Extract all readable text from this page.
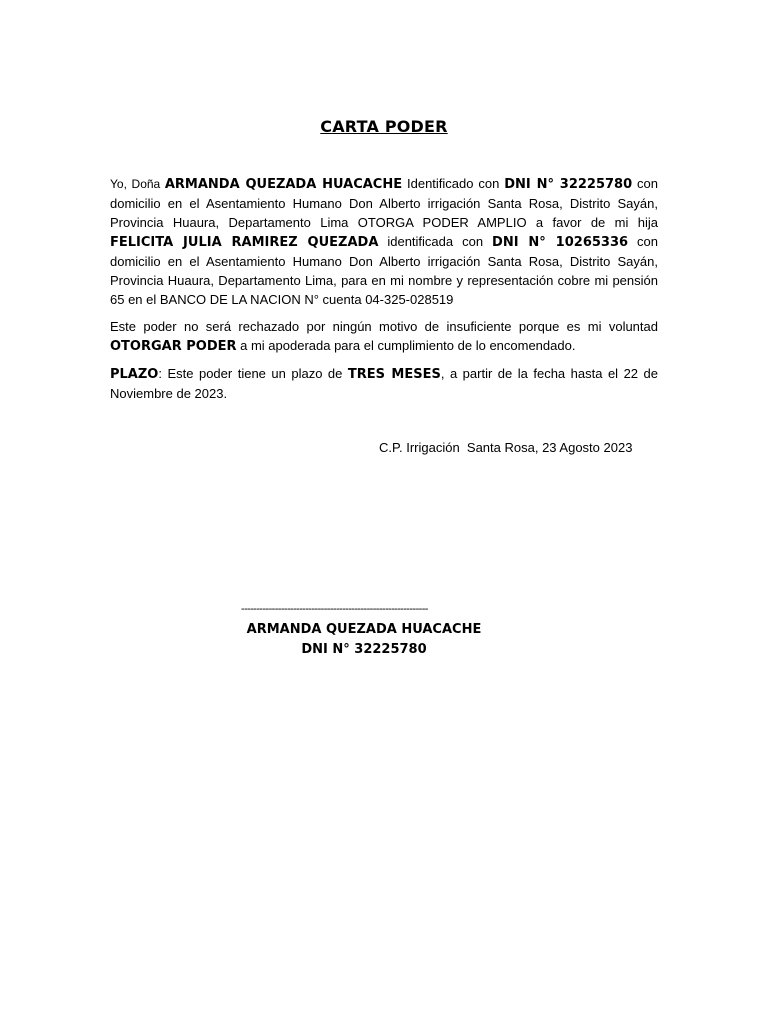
CARTA PODER
Yo, Doña ARMANDA QUEZADA HUACACHE Identificado con DNI N° 32225780 con domicilio en el Asentamiento Humano Don Alberto irrigación Santa Rosa, Distrito Sayán, Provincia Huaura, Departamento Lima OTORGA PODER AMPLIO a favor de mi hija FELICITA JULIA RAMIREZ QUEZADA identificada con DNI N° 10265336 con domicilio en el Asentamiento Humano Don Alberto irrigación Santa Rosa, Distrito Sayán, Provincia Huaura, Departamento Lima, para en mi nombre y representación cobre mi pensión 65 en el BANCO DE LA NACION N° cuenta 04-325-028519
Este poder no será rechazado por ningún motivo de insuficiente porque es mi voluntad OTORGAR PODER a mi apoderada para el cumplimiento de lo encomendado.
PLAZO: Este poder tiene un plazo de TRES MESES, a partir de la fecha hasta el 22 de Noviembre de 2023.
C.P. Irrigación  Santa Rosa, 23 Agosto 2023
-------------------------------------------------------------
ARMANDA QUEZADA HUACACHE
DNI N° 32225780
